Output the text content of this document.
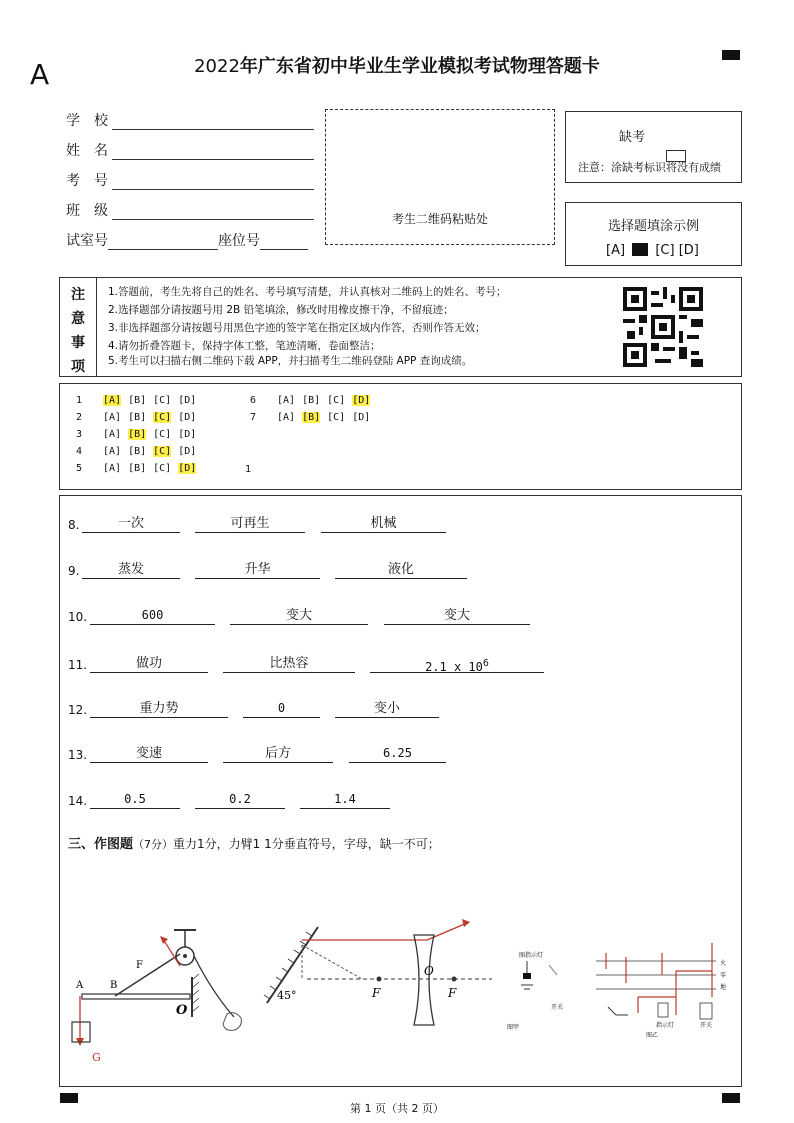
A	2022年广东省初中毕业生学业模拟考试物理答题卡
学　校
姓　名
考　号
班　级
试室号	座位号
考生二维码粘贴处
缺考
注意：涂缺考标识将没有成绩
选择题填涂示例
[A] [C] [D]
注
意
事
项
1.答题前，考生先将自己的姓名、考号填写清楚，并认真核对二维码上的姓名、考号；
2.选择题部分请按题号用 2B 铅笔填涂，修改时用橡皮擦干净，不留痕迹；
3.非选择题部分请按题号用黑色字迹的签字笔在指定区域内作答，否则作答无效；
4.请勿折叠答题卡，保持字体工整，笔迹清晰，卷面整洁；
5.考生可以扫描右侧二维码下载 APP，并扫描考生二维码登陆 APP 查询成绩。
1 [A] [B] [C] [D]
2 [A] [B] [C] [D]
3 [A] [B] [C] [D]
4 [A] [B] [C] [D]
5 [A] [B] [C] [D]
6 [A] [B] [C] [D]
7 [A] [B] [C] [D]
1
8.	一次	可再生	机械
9.	蒸发	升华	液化
10.	600	变大	变大
11.	做功	比热容	2.1 x $10^6$
12.	重力势	0	变小
13.	变速	后方	6.25
14.	0.5	0.2	1.4
三、作图题（7分）重力1分，力臂1 1分垂直符号，字母，缺一不可；
A	B
F
O
G
45°	F
O
F
图指示灯
开关
图甲
火
零
地
指示灯	开关
图乙
第 1 页（共 2 页）
